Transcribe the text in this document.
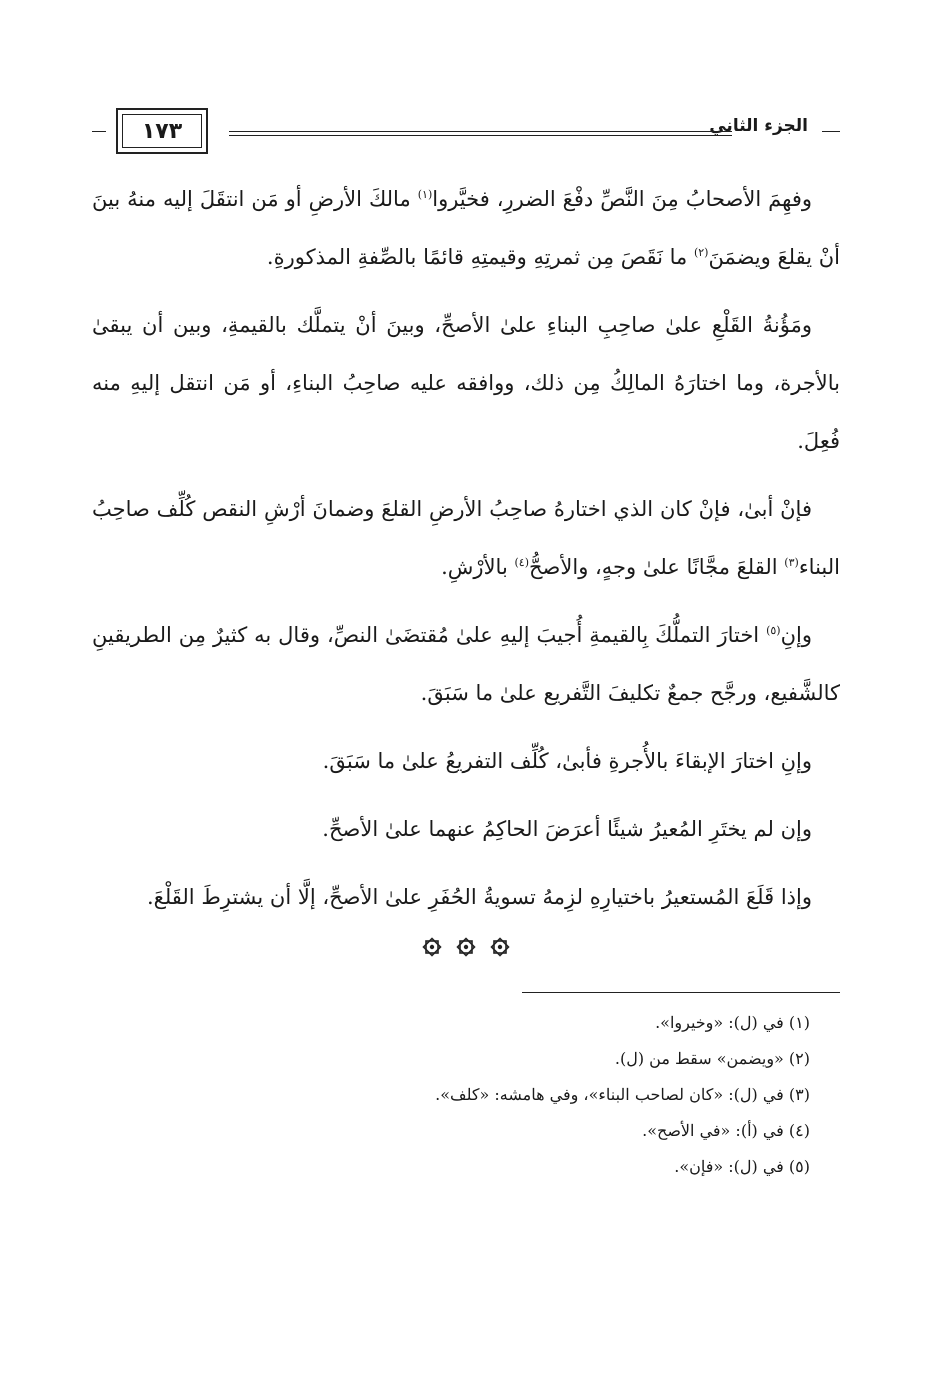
الجزء الثاني
١٧٣

وفهِمَ الأصحابُ مِنَ النَّصِّ دفْعَ الضررِ، فخيَّروا$^{(١)}$ مالكَ الأرضِ أو مَن انتقَلَ إليه منهُ بينَ أنْ يقلعَ ويضمَنَ$^{(٢)}$ ما نَقَصَ مِن ثمرتِهِ وقيمتِهِ قائمًا بالصِّفةِ المذكورةِ.

ومَؤُنةُ القَلْعِ علىٰ صاحِبِ البناءِ علىٰ الأصحِّ، وبينَ أنْ يتملَّك بالقيمةِ، وبين أن يبقىٰ بالأجرة، وما اختارَهُ المالِكُ مِن ذلك، ووافقه عليه صاحِبُ البناءِ، أو مَن انتقل إليهِ منه فُعِلَ.

فإنْ أبىٰ، فإنْ كان الذي اختارهُ صاحِبُ الأرضِ القلعَ وضمانَ أرْشِ النقص كُلِّف صاحِبُ البناء$^{(٣)}$ القلعَ مجَّانًا علىٰ وجهٍ، والأصحُّ$^{(٤)}$ بالأرْشِ.

وإنِ$^{(٥)}$ اختارَ التملُّكَ بِالقيمةِ أُجيبَ إليهِ علىٰ مُقتضَىٰ النصِّ، وقال به كثيرٌ مِن الطريقينِ كالشَّفيع، ورجَّح جمعٌ تكليفَ التَّفريع علىٰ ما سَبَقَ.

وإنِ اختارَ الإبقاءَ بالأُجرةِ فأبىٰ، كُلِّف التفريعُ علىٰ ما سَبَقَ.

وإن لم يختَرِ المُعيرُ شيئًا أعرَضَ الحاكِمُ عنهما علىٰ الأصحِّ.

وإذا قَلَعَ المُستعيرُ باختيارِهِ لزِمهُ تسويةُ الحُفَرِ علىٰ الأصحِّ، إلَّا أن يشترِطَ القَلْعَ.

(١) في (ل): «وخيروا».
(٢) «ويضمن» سقط من (ل).
(٣) في (ل): «كان لصاحب البناء»، وفي هامشه: «كلف».
(٤) في (أ): «في الأصح».
(٥) في (ل): «فإن».
